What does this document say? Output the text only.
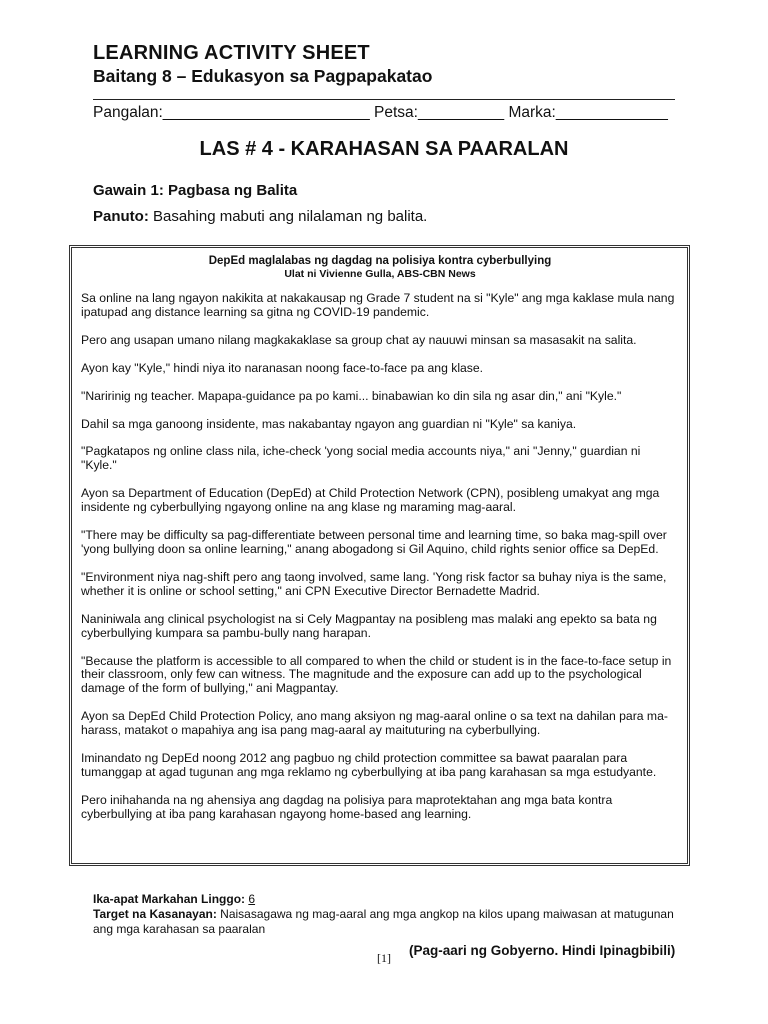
LEARNING ACTIVITY SHEET
Baitang 8 – Edukasyon sa Pagpapakatao
Pangalan:________________________ Petsa:__________ Marka:_____________
LAS # 4 - KARAHASAN SA PAARALAN
Gawain 1: Pagbasa ng Balita
Panuto: Basahing mabuti ang nilalaman ng balita.
DepEd maglalabas ng dagdag na polisiya kontra cyberbullying
Ulat ni Vivienne Gulla, ABS-CBN News

Sa online na lang ngayon nakikita at nakakausap ng Grade 7 student na si "Kyle" ang mga kaklase mula nang ipatupad ang distance learning sa gitna ng COVID-19 pandemic.

Pero ang usapan umano nilang magkakaklase sa group chat ay nauuwi minsan sa masasakit na salita.

Ayon kay "Kyle," hindi niya ito naranasan noong face-to-face pa ang klase.

"Naririnig ng teacher. Mapapa-guidance pa po kami... binabawian ko din sila ng asar din," ani "Kyle."

Dahil sa mga ganoong insidente, mas nakabantay ngayon ang guardian ni "Kyle" sa kaniya.

"Pagkatapos ng online class nila, iche-check 'yong social media accounts niya," ani "Jenny," guardian ni "Kyle."

Ayon sa Department of Education (DepEd) at Child Protection Network (CPN), posibleng umakyat ang mga insidente ng cyberbullying ngayong online na ang klase ng maraming mag-aaral.

"There may be difficulty sa pag-differentiate between personal time and learning time, so baka mag-spill over 'yong bullying doon sa online learning," anang abogadong si Gil Aquino, child rights senior office sa DepEd.

"Environment niya nag-shift pero ang taong involved, same lang. 'Yong risk factor sa buhay niya is the same, whether it is online or school setting," ani CPN Executive Director Bernadette Madrid.

Naniniwala ang clinical psychologist na si Cely Magpantay na posibleng mas malaki ang epekto sa bata ng cyberbullying kumpara sa pambu-bully nang harapan.

"Because the platform is accessible to all compared to when the child or student is in the face-to-face setup in their classroom, only few can witness. The magnitude and the exposure can add up to the psychological damage of the form of bullying," ani Magpantay.

Ayon sa DepEd Child Protection Policy, ano mang aksiyon ng mag-aaral online o sa text na dahilan para ma-harass, matakot o mapahiya ang isa pang mag-aaral ay maituturing na cyberbullying.

Iminandato ng DepEd noong 2012 ang pagbuo ng child protection committee sa bawat paaralan para tumanggap at agad tugunan ang mga reklamo ng cyberbullying at iba pang karahasan sa mga estudyante.

Pero inihahanda na ng ahensiya ang dagdag na polisiya para maprotektahan ang mga bata kontra cyberbullying at iba pang karahasan ngayong home-based ang learning.

Ika-apat Markahan Linggo: 6
Target na Kasanayan: Naisasagawa ng mag-aaral ang mga angkop na kilos upang maiwasan at matugunan ang mga karahasan sa paaralan
[1] (Pag-aari ng Gobyerno. Hindi Ipinagbibili)
